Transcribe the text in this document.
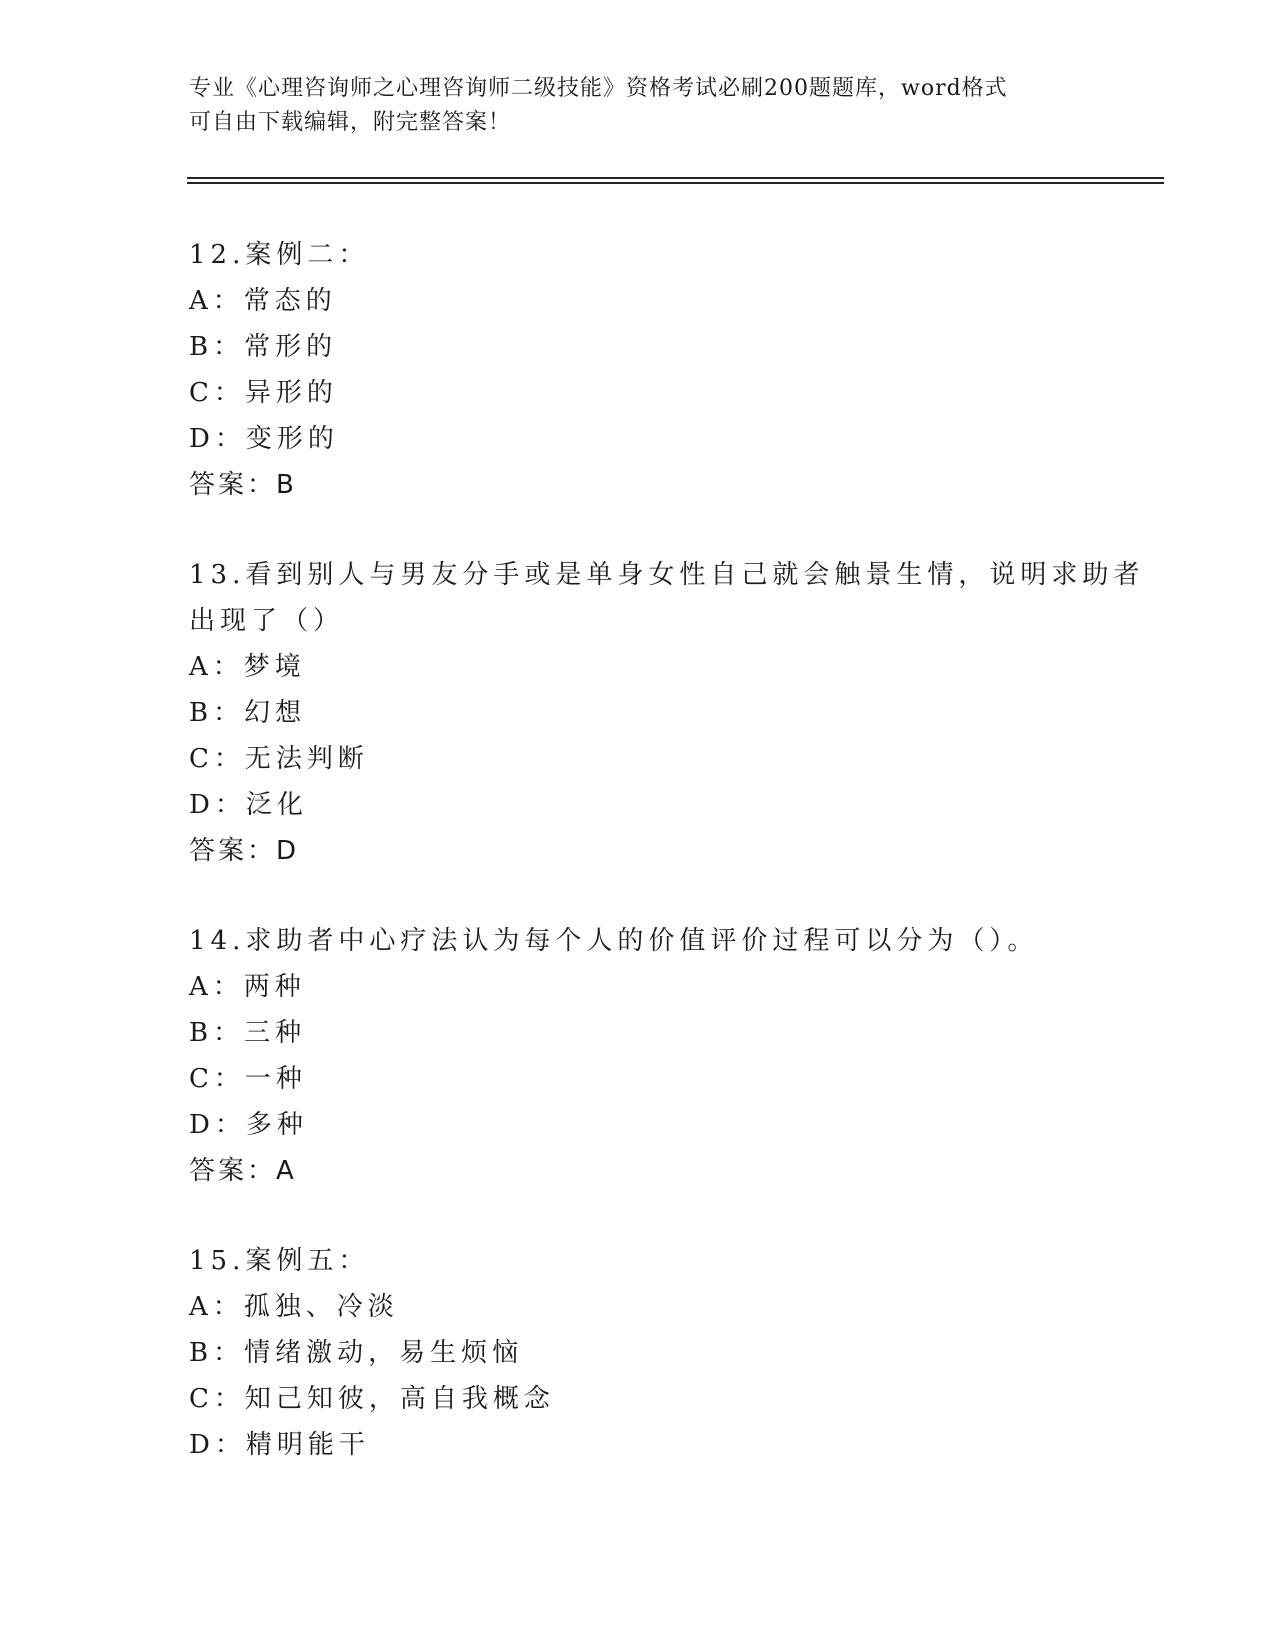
专业《心理咨询师之心理咨询师二级技能》资格考试必刷200题题库，word格式
可自由下载编辑，附完整答案！
12.案例二：
A：常态的
B：常形的
C：异形的
D：变形的
答案：B
13.看到别人与男友分手或是单身女性自己就会触景生情，说明求助者
出现了（）
A：梦境
B：幻想
C：无法判断
D：泛化
答案：D
14.求助者中心疗法认为每个人的价值评价过程可以分为（）。
A：两种
B：三种
C：一种
D：多种
答案：A
15.案例五：
A：孤独、冷淡
B：情绪激动，易生烦恼
C：知己知彼，高自我概念
D：精明能干
